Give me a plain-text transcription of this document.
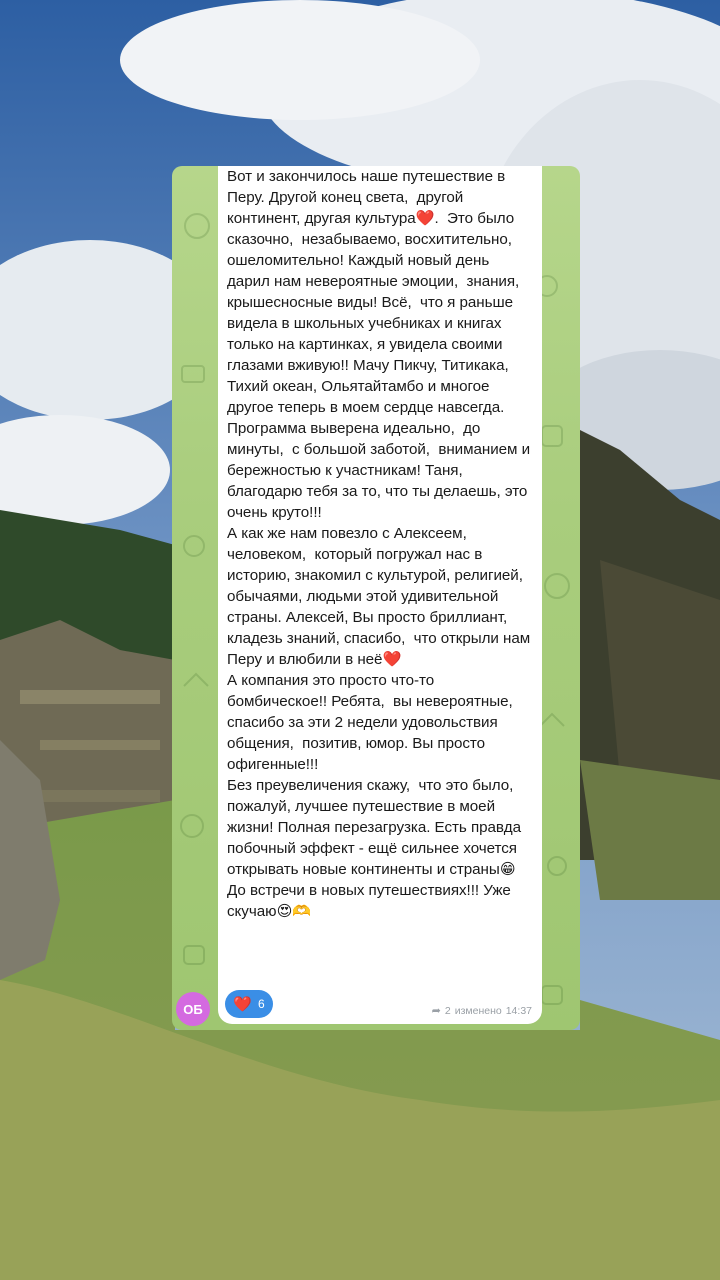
Вот и закончилось наше путешествие в Перу. Другой конец света,  другой континент, другая культура❤️.  Это было сказочно,  незабываемо, восхитительно, ошеломительно! Каждый новый день дарил нам невероятные эмоции,  знания,  крышесносные виды! Всё,  что я раньше видела в школьных учебниках и книгах только на картинках, я увидела своими глазами вживую!! Мачу Пикчу, Титикака, Тихий океан, Ольятайтамбо и многое другое теперь в моем сердце навсегда. Программа выверена идеально,  до минуты,  с большой заботой,  вниманием и бережностью к участникам! Таня, благодарю тебя за то, что ты делаешь, это очень круто!!!
А как же нам повезло с Алексеем, человеком,  который погружал нас в историю, знакомил с культурой, религией, обычаями, людьми этой удивительной страны. Алексей, Вы просто бриллиант, кладезь знаний, спасибо,  что открыли нам Перу и влюбили в неё❤️
А компания это просто что-то бомбическое!! Ребята,  вы невероятные, спасибо за эти 2 недели удовольствия общения,  позитив, юмор. Вы просто офигенные!!!
Без преувеличения скажу,  что это было, пожалуй, лучшее путешествие в моей жизни! Полная перезагрузка. Есть правда побочный эффект - ещё сильнее хочется открывать новые континенты и страны😁
До встречи в новых путешествиях!!! Уже скучаю😍🫶

❤️ 6	➦ 2 изменено 14:37
ОБ
